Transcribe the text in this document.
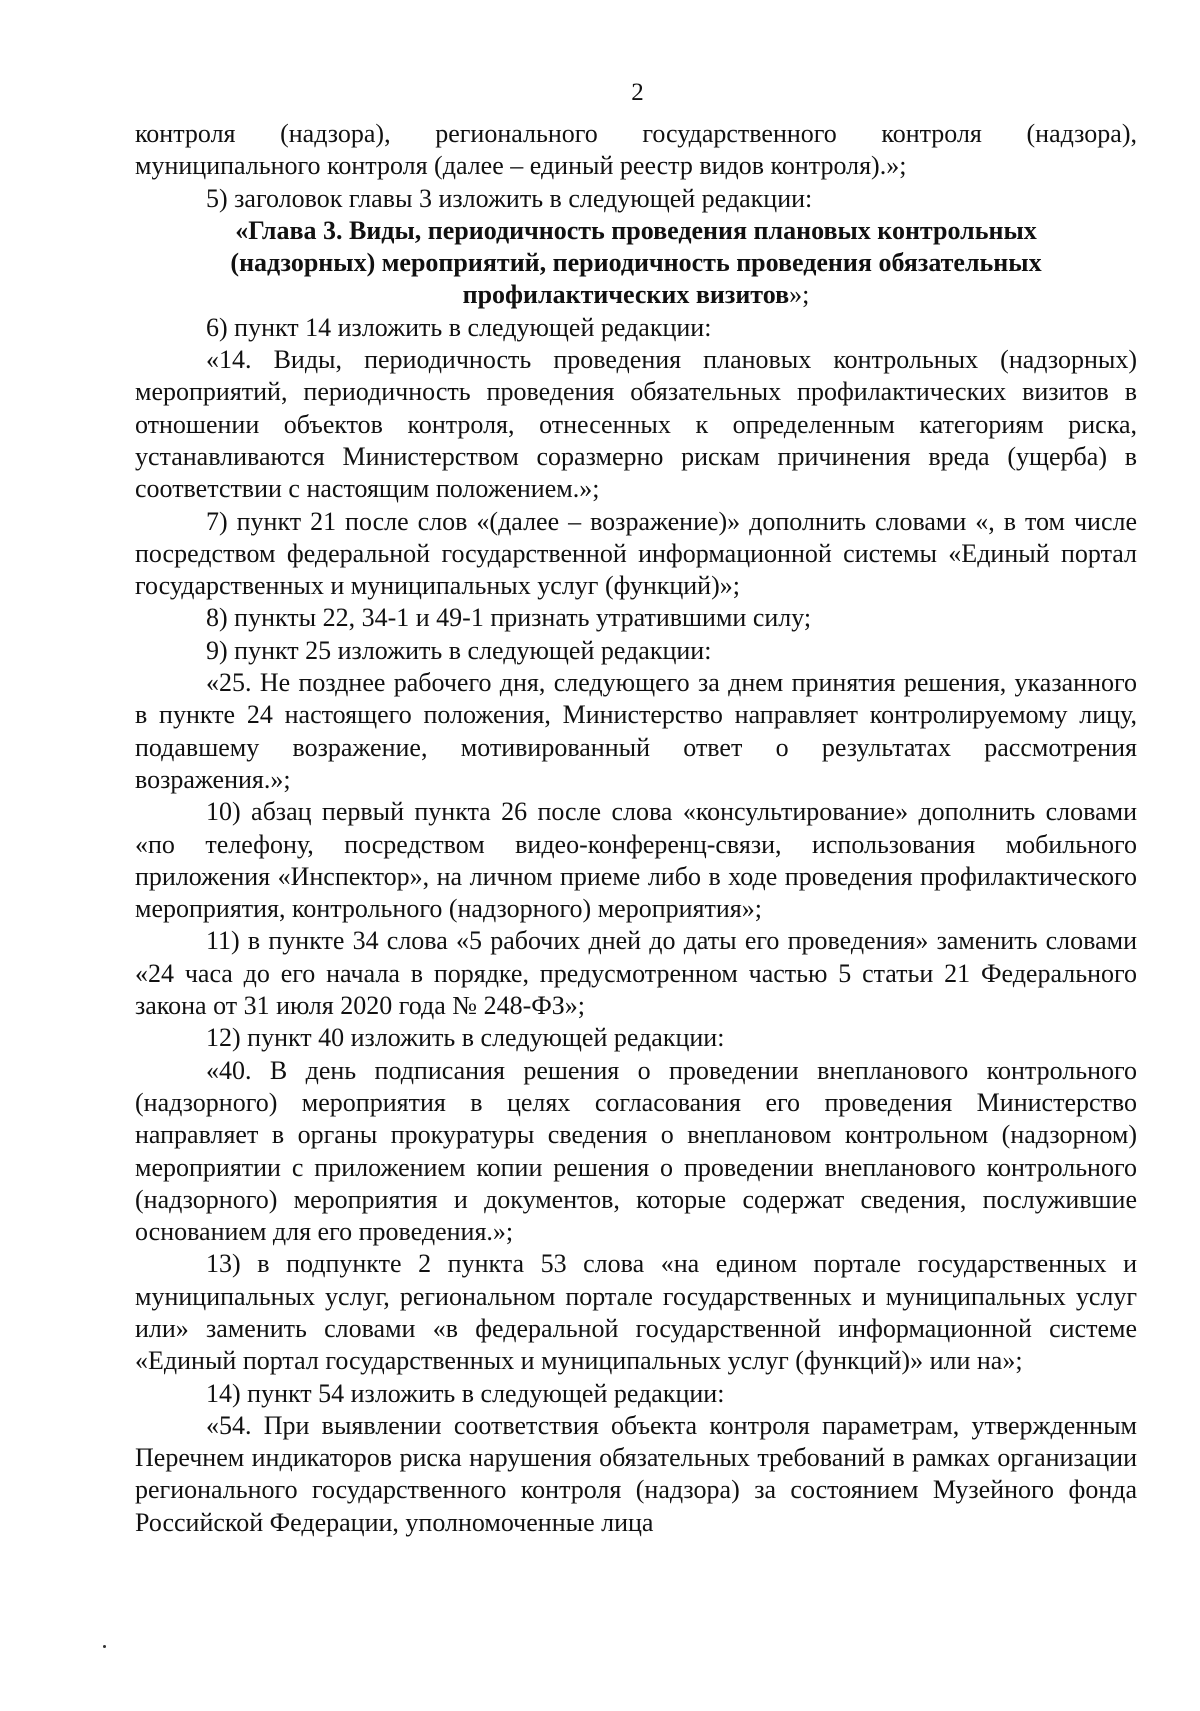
2

контроля (надзора), регионального государственного контроля (надзора), муниципального контроля (далее – единый реестр видов контроля).»;

5) заголовок главы 3 изложить в следующей редакции:

«Глава 3. Виды, периодичность проведения плановых контрольных (надзорных) мероприятий, периодичность проведения обязательных профилактических визитов»;

6) пункт 14 изложить в следующей редакции:

«14. Виды, периодичность проведения плановых контрольных (надзорных) мероприятий, периодичность проведения обязательных профилактических визитов в отношении объектов контроля, отнесенных к определенным категориям риска, устанавливаются Министерством соразмерно рискам причинения вреда (ущерба) в соответствии с настоящим положением.»;

7) пункт 21 после слов «(далее – возражение)» дополнить словами «, в том числе посредством федеральной государственной информационной системы «Единый портал государственных и муниципальных услуг (функций)»;

8) пункты 22, 34-1 и 49-1 признать утратившими силу;

9) пункт 25 изложить в следующей редакции:

«25. Не позднее рабочего дня, следующего за днем принятия решения, указанного в пункте 24 настоящего положения, Министерство направляет контролируемому лицу, подавшему возражение, мотивированный ответ о результатах рассмотрения возражения.»;

10) абзац первый пункта 26 после слова «консультирование» дополнить словами «по телефону, посредством видео-конференц-связи, использования мобильного приложения «Инспектор», на личном приеме либо в ходе проведения профилактического мероприятия, контрольного (надзорного) мероприятия»;

11) в пункте 34 слова «5 рабочих дней до даты его проведения» заменить словами «24 часа до его начала в порядке, предусмотренном частью 5 статьи 21 Федерального закона от 31 июля 2020 года № 248-ФЗ»;

12) пункт 40 изложить в следующей редакции:

«40. В день подписания решения о проведении внепланового контрольного (надзорного) мероприятия в целях согласования его проведения Министерство направляет в органы прокуратуры сведения о внеплановом контрольном (надзорном) мероприятии с приложением копии решения о проведении внепланового контрольного (надзорного) мероприятия и документов, которые содержат сведения, послужившие основанием для его проведения.»;

13) в подпункте 2 пункта 53 слова «на едином портале государственных и муниципальных услуг, региональном портале государственных и муниципальных услуг или» заменить словами «в федеральной государственной информационной системе «Единый портал государственных и муниципальных услуг (функций)» или на»;

14) пункт 54 изложить в следующей редакции:

«54. При выявлении соответствия объекта контроля параметрам, утвержденным Перечнем индикаторов риска нарушения обязательных требований в рамках организации регионального государственного контроля (надзора) за состоянием Музейного фонда Российской Федерации, уполномоченные лица
